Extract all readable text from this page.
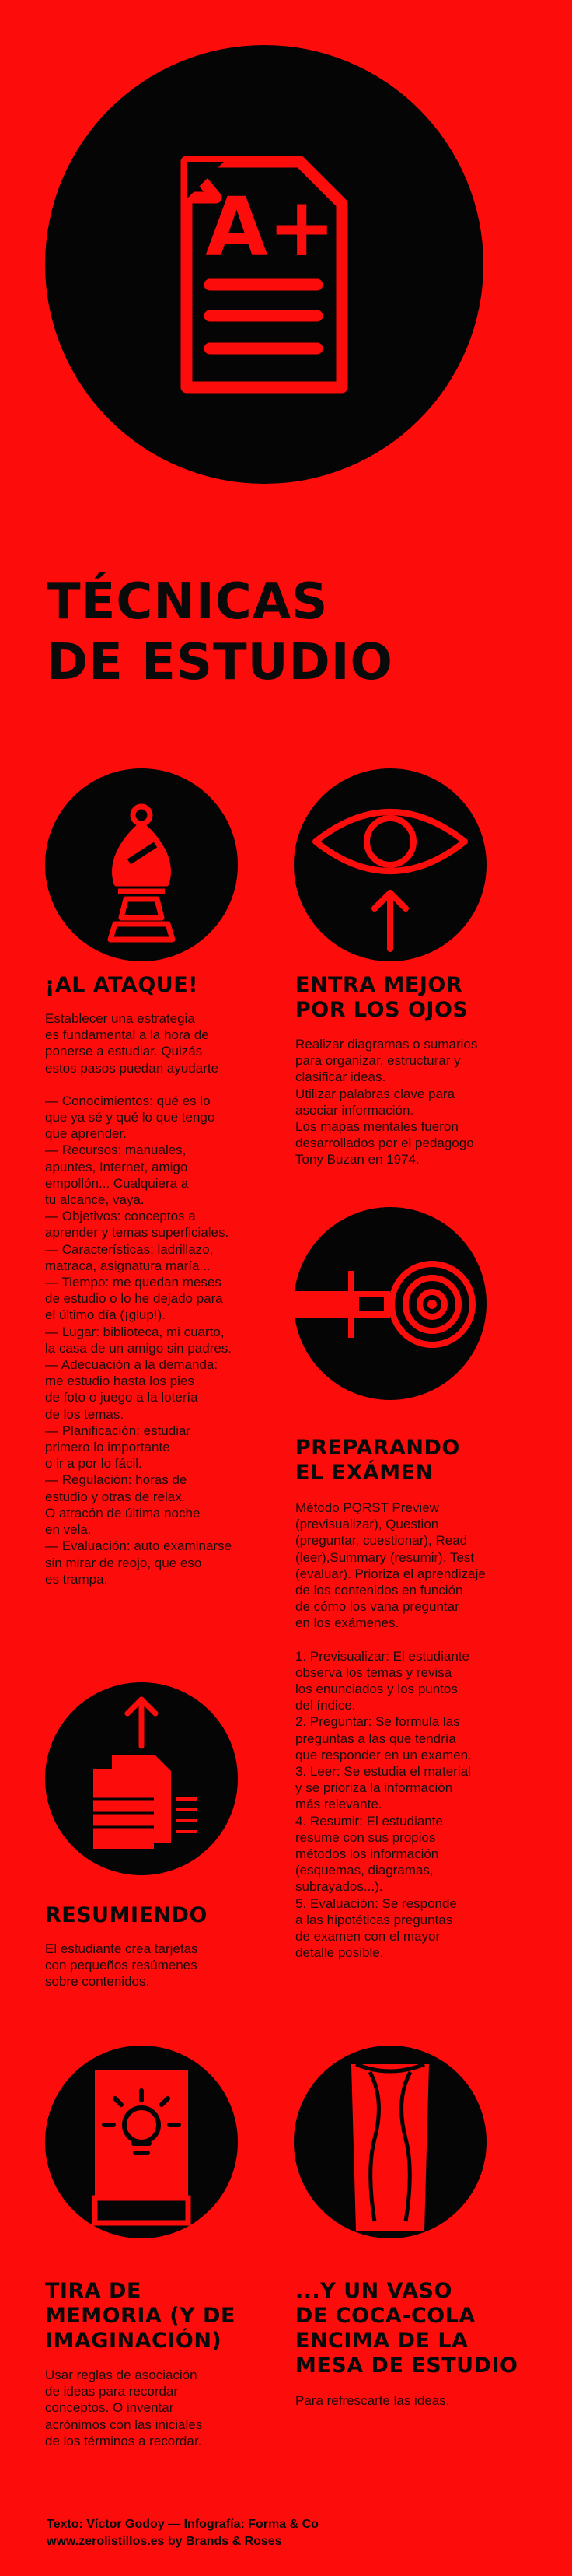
A+
TÉCNICAS
DE ESTUDIO
¡AL ATAQUE!
Establecer una estrategia
es fundamental a la hora de
ponerse a estudiar. Quizás
estos pasos puedan ayudarte
— Conocimientos: qué es lo
que ya sé y qué lo que tengo
que aprender.
— Recursos: manuales,
apuntes, Internet, amigo
empollón... Cualquiera a
tu alcance, vaya.
— Objetivos: conceptos a
aprender y temas superficiales.
— Características: ladrillazo,
matraca, asignatura maría...
— Tiempo: me quedan meses
de estudio o lo he dejado para
el último día (¡glup!).
— Lugar: biblioteca, mi cuarto,
la casa de un amigo sin padres.
— Adecuación a la demanda:
me estudio hasta los pies
de foto o juego a la lotería
de los temas.
— Planificación: estudiar
primero lo importante
o ir a por lo fácil.
— Regulación: horas de
estudio y otras de relax.
O atracón de última noche
en vela.
— Evaluación: auto examinarse
sin mirar de reojo, que eso
es trampa.
ENTRA MEJOR
POR LOS OJOS
Realizar diagramas o sumarios
para organizar, estructurar y
clasificar ideas.
Utilizar palabras clave para
asociar información.
Los mapas mentales fueron
desarrollados por el pedagogo
Tony Buzan en 1974.
PREPARANDO
EL EXÁMEN
Método PQRST Preview
(previsualizar), Question
(preguntar, cuestionar), Read
(leer),Summary (resumir), Test
(evaluar). Prioriza el aprendizaje
de los contenidos en función
de cómo los vana preguntar
en los exámenes.
1. Previsualizar: El estudiante
observa los temas y revisa
los enunciados y los puntos
del índice.
2. Preguntar: Se formula las
preguntas a las que tendría
que responder en un examen.
3. Leer: Se estudia el material
y se prioriza la información
más relevante.
4. Resumir: El estudiante
resume con sus propios
métodos los información
(esquemas, diagramas,
subrayados...).
5. Evaluación: Se responde
a las hipotéticas preguntas
de examen con el mayor
detalle posible.
RESUMIENDO
El estudiante crea tarjetas
con pequeños resúmenes
sobre contenidos.
TIRA DE
MEMORIA (Y DE
IMAGINACIÓN)
Usar reglas de asociación
de ideas para recordar
conceptos. O inventar
acrónimos con las iniciales
de los términos a recordar.
...Y UN VASO
DE COCA-COLA
ENCIMA DE LA
MESA DE ESTUDIO
Para refrescarte las ideas.
Texto: Víctor Godoy — Infografía: Forma & Co
www.zerolistillos.es by Brands & Roses
